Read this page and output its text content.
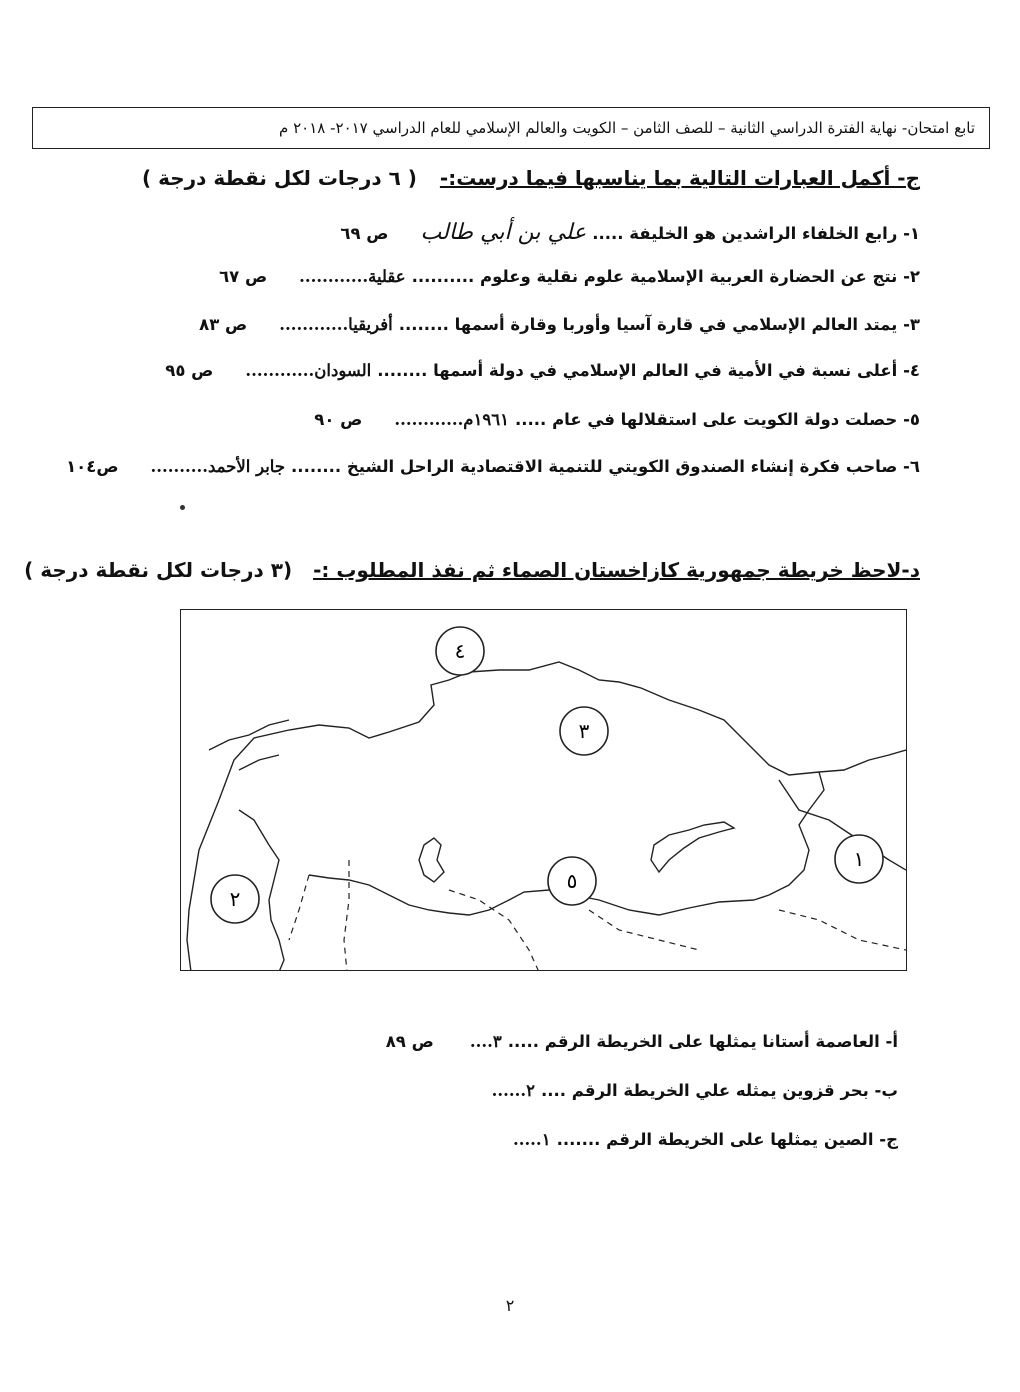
تابع امتحان- نهاية الفترة الدراسي الثانية – للصف الثامن – الكويت والعالم الإسلامي للعام الدراسي ٢٠١٧- ٢٠١٨ م
ج- أكمل العبارات التالية بما يناسبها فيما درست:- ( ٦ درجات لكل نقطة درجة )
١- رابع الخلفاء الراشدين هو الخليفة .....
علي بن أبي طالب
ص ٦٩
٢- نتج عن الحضارة العربية الإسلامية علوم نقلية وعلوم ..........
عقلية............
ص ٦٧
٣- يمتد العالم الإسلامي في قارة آسيا وأوربا وقارة أسمها ........
أفريقيا............
ص ٨٣
٤- أعلى نسبة في الأمية في العالم الإسلامي في دولة أسمها ........
السودان............
ص ٩٥
٥- حصلت دولة الكويت على استقلالها في عام .....
١٩٦١م............
ص ٩٠
٦- صاحب فكرة إنشاء الصندوق الكويتي للتنمية الاقتصادية الراحل الشيخ ........
جابر الأحمد..........
ص١٠٤
د-لاحظ خريطة جمهورية كازاخستان الصماء ثم نفذ المطلوب :- (٣ درجات لكل نقطة درجة )
٤
٣
٥
١
٢
أ- العاصمة أستانا يمثلها على الخريطة الرقم .....
٣....
ص ٨٩
ب- بحر قزوين يمثله علي الخريطة الرقم ....
٢......
ج- الصين يمثلها على الخريطة الرقم .......
١.....
٢
